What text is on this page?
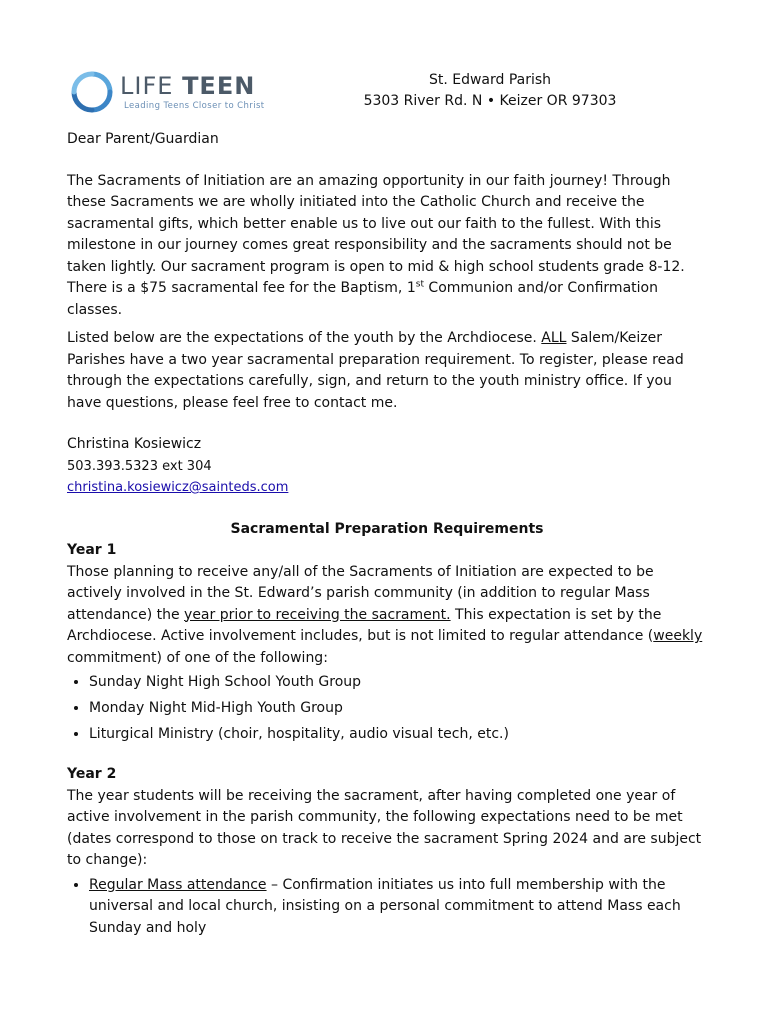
LIFE TEEN
Leading Teens Closer to Christ
St. Edward Parish
5303 River Rd. N • Keizer OR 97303

Dear Parent/Guardian

The Sacraments of Initiation are an amazing opportunity in our faith journey! Through these Sacraments we are wholly initiated into the Catholic Church and receive the sacramental gifts, which better enable us to live out our faith to the fullest. With this milestone in our journey comes great responsibility and the sacraments should not be taken lightly. Our sacrament program is open to mid & high school students grade 8-12. There is a $75 sacramental fee for the Baptism, 1st Communion and/or Confirmation classes.

Listed below are the expectations of the youth by the Archdiocese. ALL Salem/Keizer Parishes have a two year sacramental preparation requirement. To register, please read through the expectations carefully, sign, and return to the youth ministry office. If you have questions, please feel free to contact me.

Christina Kosiewicz

503.393.5323 ext 304

christina.kosiewicz@sainteds.com

Sacramental Preparation Requirements

Year 1

Those planning to receive any/all of the Sacraments of Initiation are expected to be actively involved in the St. Edward’s parish community (in addition to regular Mass attendance) the year prior to receiving the sacrament. This expectation is set by the Archdiocese. Active involvement includes, but is not limited to regular attendance (weekly commitment) of one of the following:

• Sunday Night High School Youth Group
• Monday Night Mid-High Youth Group
• Liturgical Ministry (choir, hospitality, audio visual tech, etc.)

Year 2

The year students will be receiving the sacrament, after having completed one year of active involvement in the parish community, the following expectations need to be met (dates correspond to those on track to receive the sacrament Spring 2024 and are subject to change):

• Regular Mass attendance – Confirmation initiates us into full membership with the universal and local church, insisting on a personal commitment to attend Mass each Sunday and holy
